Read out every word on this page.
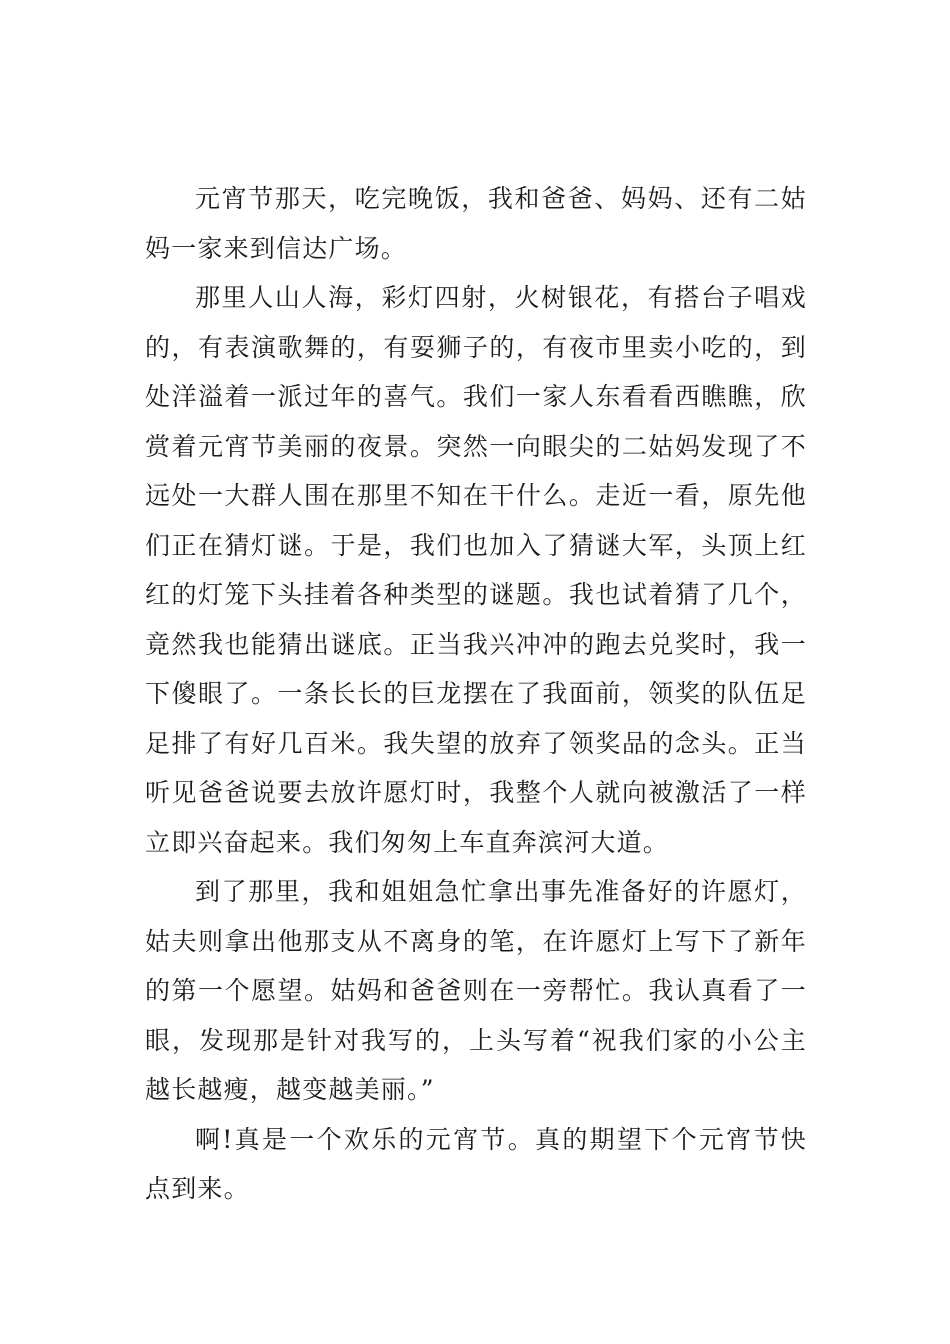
元宵节那天，吃完晚饭，我和爸爸、妈妈、还有二姑妈一家来到信达广场。

那里人山人海，彩灯四射，火树银花，有搭台子唱戏的，有表演歌舞的，有耍狮子的，有夜市里卖小吃的，到处洋溢着一派过年的喜气。我们一家人东看看西瞧瞧，欣赏着元宵节美丽的夜景。突然一向眼尖的二姑妈发现了不远处一大群人围在那里不知在干什么。走近一看，原先他们正在猜灯谜。于是，我们也加入了猜谜大军，头顶上红红的灯笼下头挂着各种类型的谜题。我也试着猜了几个，竟然我也能猜出谜底。正当我兴冲冲的跑去兑奖时，我一下傻眼了。一条长长的巨龙摆在了我面前，领奖的队伍足足排了有好几百米。我失望的放弃了领奖品的念头。正当听见爸爸说要去放许愿灯时，我整个人就向被激活了一样立即兴奋起来。我们匆匆上车直奔滨河大道。

到了那里，我和姐姐急忙拿出事先准备好的许愿灯，姑夫则拿出他那支从不离身的笔，在许愿灯上写下了新年的第一个愿望。姑妈和爸爸则在一旁帮忙。我认真看了一眼，发现那是针对我写的，上头写着“祝我们家的小公主越长越瘦，越变越美丽。”

啊!真是一个欢乐的元宵节。真的期望下个元宵节快点到来。
